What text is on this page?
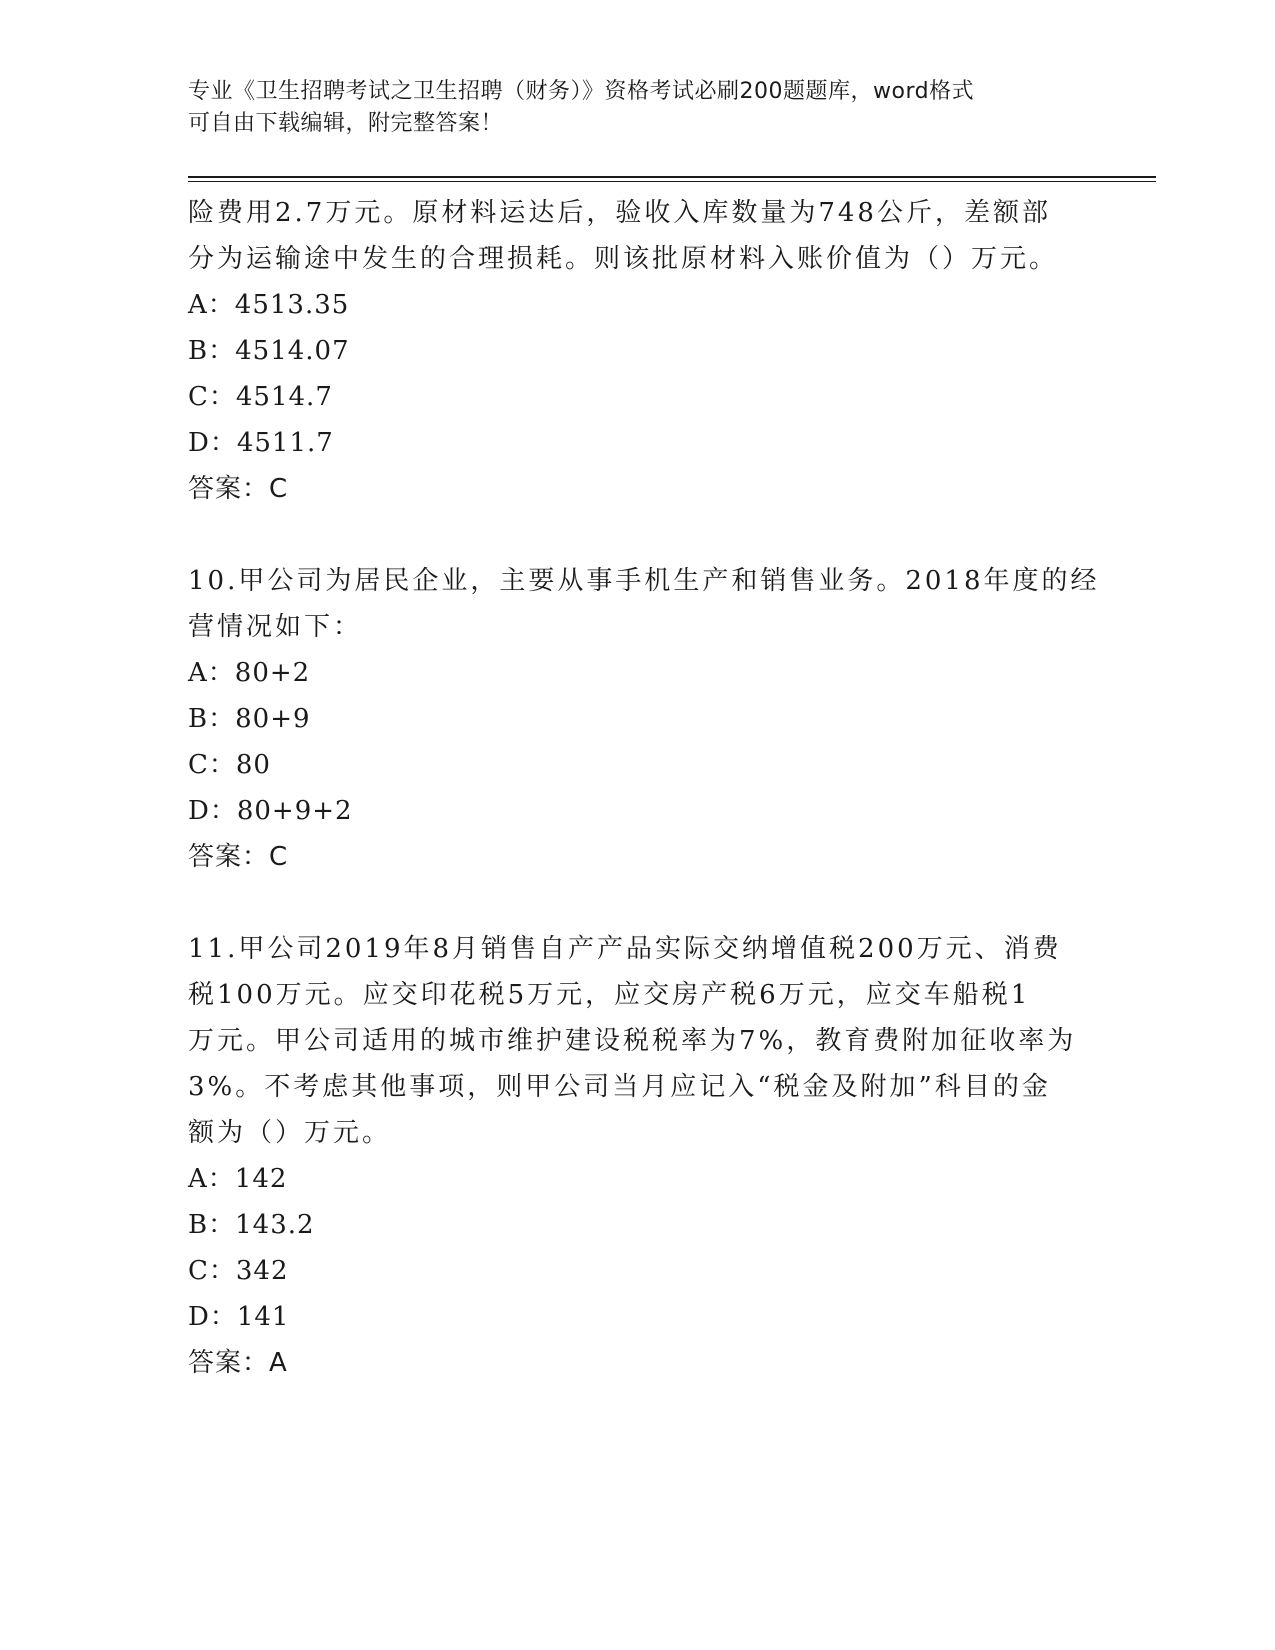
专业《卫生招聘考试之卫生招聘（财务）》资格考试必刷200题题库，word格式
可自由下载编辑，附完整答案！
险费用2.7万元。原材料运达后，验收入库数量为748公斤，差额部
分为运输途中发生的合理损耗。则该批原材料入账价值为（）万元。
A：4513.35
B：4514.07
C：4514.7
D：4511.7
答案：C
10.甲公司为居民企业，主要从事手机生产和销售业务。2018年度的经
营情况如下：
A：80+2
B：80+9
C：80
D：80+9+2
答案：C
11.甲公司2019年8月销售自产产品实际交纳增值税200万元、消费
税100万元。应交印花税5万元，应交房产税6万元，应交车船税1
万元。甲公司适用的城市维护建设税税率为7%，教育费附加征收率为
3%。不考虑其他事项，则甲公司当月应记入“税金及附加”科目的金
额为（）万元。
A：142
B：143.2
C：342
D：141
答案：A
